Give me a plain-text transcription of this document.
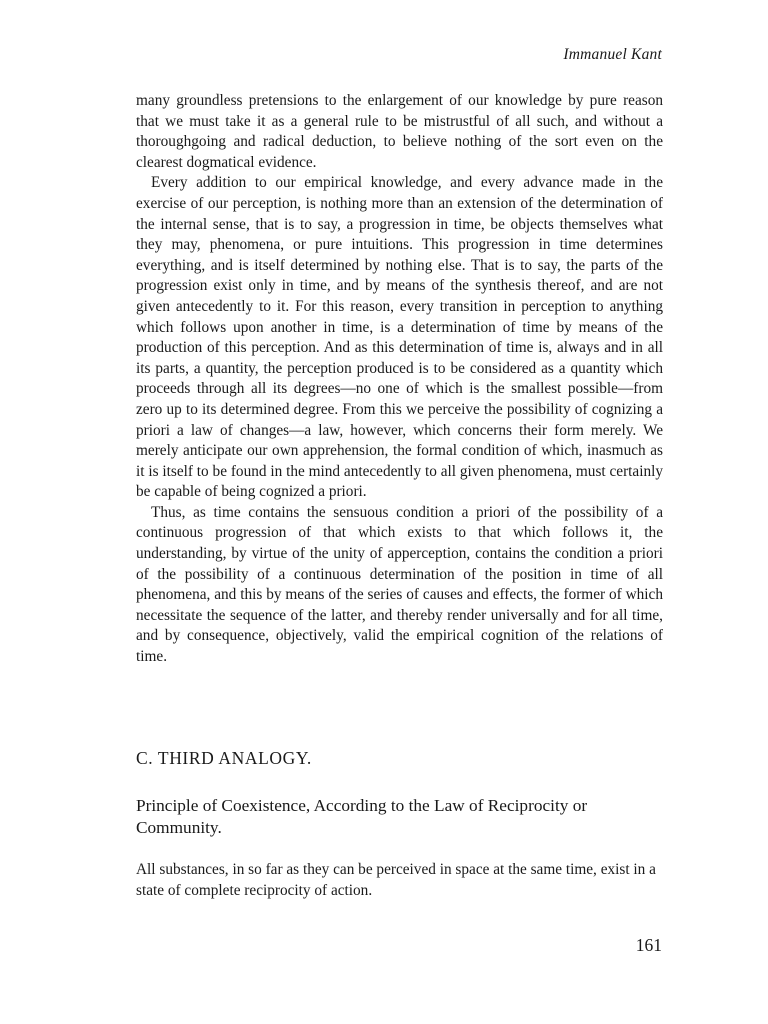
Immanuel Kant

many groundless pretensions to the enlargement of our knowledge by pure reason that we must take it as a general rule to be mistrustful of all such, and without a thoroughgoing and radical deduction, to believe nothing of the sort even on the clearest dogmatical evidence.

Every addition to our empirical knowledge, and every advance made in the exercise of our perception, is nothing more than an extension of the determination of the internal sense, that is to say, a progression in time, be objects themselves what they may, phenomena, or pure intuitions. This progression in time determines everything, and is itself determined by nothing else. That is to say, the parts of the progression exist only in time, and by means of the synthesis thereof, and are not given antecedently to it. For this reason, every transition in perception to anything which follows upon another in time, is a determination of time by means of the production of this perception. And as this determination of time is, always and in all its parts, a quantity, the perception produced is to be considered as a quantity which proceeds through all its degrees—no one of which is the smallest possible—from zero up to its determined degree. From this we perceive the possibility of cognizing a priori a law of changes—a law, however, which concerns their form merely. We merely anticipate our own apprehension, the formal condition of which, inasmuch as it is itself to be found in the mind antecedently to all given phenomena, must certainly be capable of being cognized a priori.

Thus, as time contains the sensuous condition a priori of the possibility of a continuous progression of that which exists to that which follows it, the understanding, by virtue of the unity of apperception, contains the condition a priori of the possibility of a continuous determination of the position in time of all phenomena, and this by means of the series of causes and effects, the former of which necessitate the sequence of the latter, and thereby render universally and for all time, and by consequence, objectively, valid the empirical cognition of the relations of time.

C. THIRD ANALOGY.
Principle of Coexistence, According to the Law of Reciprocity or Community.

All substances, in so far as they can be perceived in space at the same time, exist in a state of complete reciprocity of action.

161
